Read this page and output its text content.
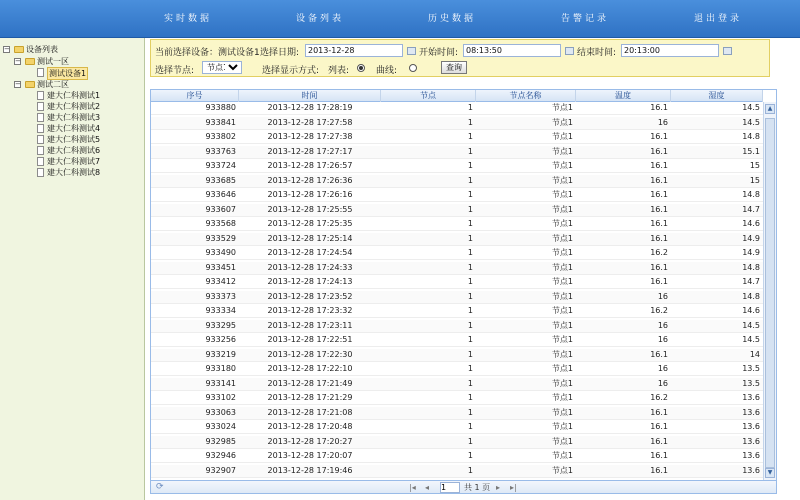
实时数据	设备列表	历史数据	告警记录	退出登录
− 设备列表
− 测试一区
测试设备1
− 测试二区
建大仁科测试1
建大仁科测试2
建大仁科测试3
建大仁科测试4
建大仁科测试5
建大仁科测试6
建大仁科测试7
建大仁科测试8
当前选择设备：测试设备1 选择日期:
2013-12-28	开始时间:
08:13:50	结束时间:
20:13:00
选择节点:
节点1	选择显示方式: 列表:	曲线:	查询
序号	时间	节点	节点名称	温度	湿度
933880	2013-12-28 17:28:19	1	节点1	16.1	14.5
933841	2013-12-28 17:27:58	1	节点1	16	14.5
933802	2013-12-28 17:27:38	1	节点1	16.1	14.8
933763	2013-12-28 17:27:17	1	节点1	16.1	15.1
933724	2013-12-28 17:26:57	1	节点1	16.1	15
933685	2013-12-28 17:26:36	1	节点1	16.1	15
933646	2013-12-28 17:26:16	1	节点1	16.1	14.8
933607	2013-12-28 17:25:55	1	节点1	16.1	14.7
933568	2013-12-28 17:25:35	1	节点1	16.1	14.6
933529	2013-12-28 17:25:14	1	节点1	16.1	14.9
933490	2013-12-28 17:24:54	1	节点1	16.2	14.9
933451	2013-12-28 17:24:33	1	节点1	16.1	14.8
933412	2013-12-28 17:24:13	1	节点1	16.1	14.7
933373	2013-12-28 17:23:52	1	节点1	16	14.8
933334	2013-12-28 17:23:32	1	节点1	16.2	14.6
933295	2013-12-28 17:23:11	1	节点1	16	14.5
933256	2013-12-28 17:22:51	1	节点1	16	14.5
933219	2013-12-28 17:22:30	1	节点1	16.1	14
933180	2013-12-28 17:22:10	1	节点1	16	13.5
933141	2013-12-28 17:21:49	1	节点1	16	13.5
933102	2013-12-28 17:21:29	1	节点1	16.2	13.6
933063	2013-12-28 17:21:08	1	节点1	16.1	13.6
933024	2013-12-28 17:20:48	1	节点1	16.1	13.6
932985	2013-12-28 17:20:27	1	节点1	16.1	13.6
932946	2013-12-28 17:20:07	1	节点1	16.1	13.6
932907	2013-12-28 17:19:46	1	节点1	16.1	13.6
▲
▼
⟳	|◂ ◂
1	共 1 页 ▸ ▸|
